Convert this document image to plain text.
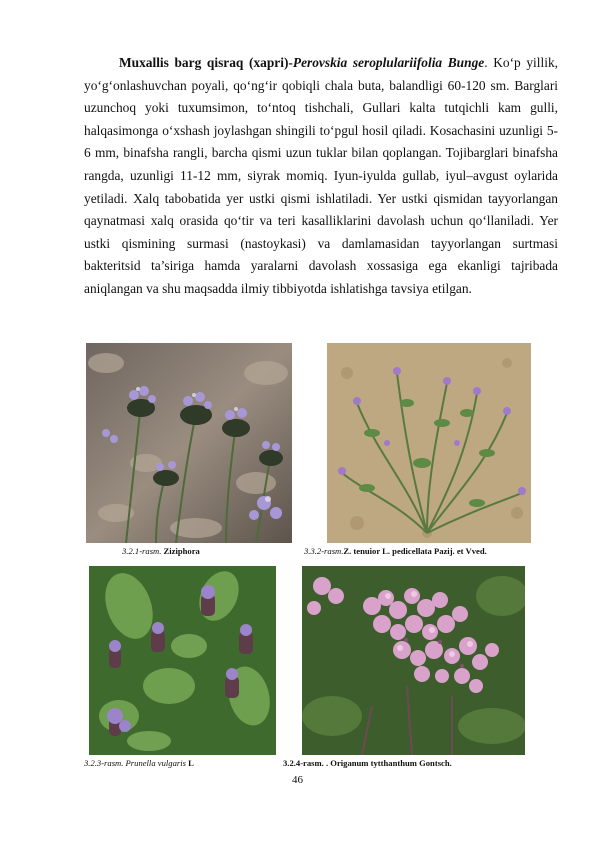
Muxallis barg qisraq (xapri)-Perovskia seroplulariifolia Bunge. Ko‘p yillik, yo‘g‘onlashuvchan poyali, qo‘ng‘ir qobiqli chala buta, balandligi 60-120 sm. Barglari uzunchoq yoki tuxumsimon, to‘ntoq tishchali, Gullari kalta tutqichli kam gulli, halqasimonga o‘xshash joylashgan shingili to‘pgul hosil qiladi. Kosachasini uzunligi 5-6 mm, binafsha rangli, barcha qismi uzun tuklar bilan qoplangan. Tojibarglari binafsha rangda, uzunligi 11-12 mm, siyrak momiq. Iyun-iyulda gullab, iyul–avgust oylarida yetiladi. Xalq tabobatida yer ustki qismi ishlatiladi. Yer ustki qismidan tayyorlangan qaynatmasi xalq orasida qo‘tir va teri kasalliklarini davolash uchun qo‘llaniladi. Yer ustki qismining surmasi (nastoykasi) va damlamasidan tayyorlangan surtmasi bakteritsid ta’siriga hamda yaralarni davolash xossasiga ega ekanligi tajribada aniqlangan va shu maqsadda ilmiy tibbiyotda ishlatishga tavsiya etilgan.
3.2.1-rasm. Ziziphora	3.3.2-rasm.Z. tenuior L. pedicellata Pazij. et Vved.
3.2.3-rasm. Prunella vulgaris L	3.2.4-rasm. . Origanum tytthanthum Gontsch.
46
